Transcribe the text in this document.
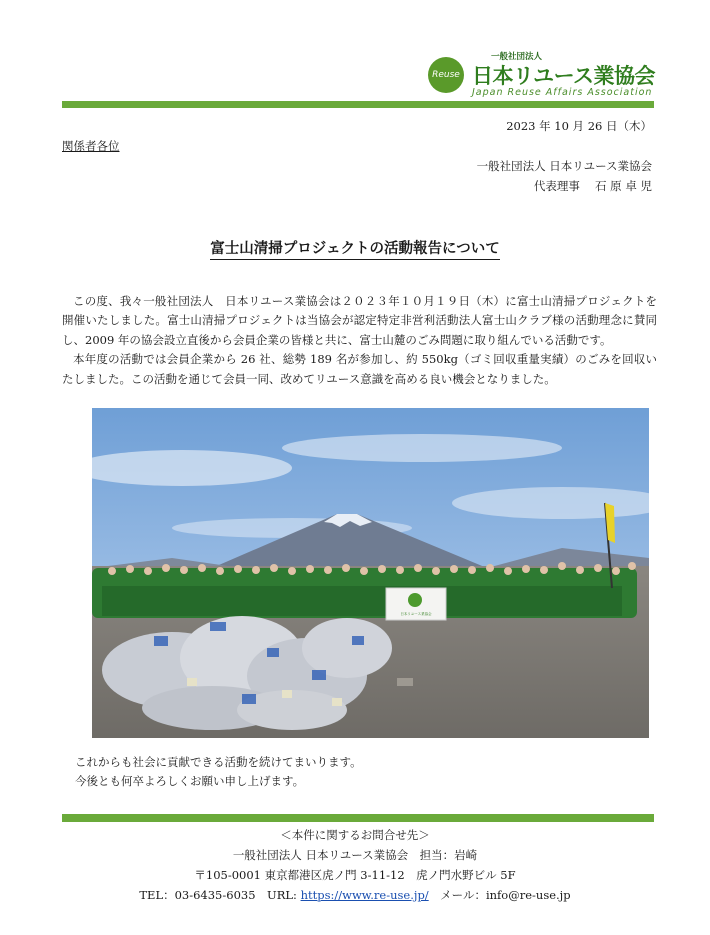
Reuse
一般社団法人
日本リユース業協会
Japan Reuse Affairs Association
2023 年 10 月 26 日（木）
関係者各位
一般社団法人 日本リユース業協会
代表理事　 石 原 卓 児
富士山清掃プロジェクトの活動報告について

この度、我々一般社団法人　日本リユース業協会は２０２３年１０月１９日（木）に富士山清掃プロジェクトを開催いたしました。富士山清掃プロジェクトは当協会が認定特定非営利活動法人富士山クラブ様の活動理念に賛同し、2009 年の協会設立直後から会員企業の皆様と共に、富士山麓のごみ問題に取り組んでいる活動です。

本年度の活動では会員企業から 26 社、総勢 189 名が参加し、約 550kg（ゴミ回収重量実績）のごみを回収いたしました。この活動を通じて会員一同、改めてリユース意識を高める良い機会となりました。

日本リユース業協会
これからも社会に貢献できる活動を続けてまいります。
今後とも何卒よろしくお願い申し上げます。
＜本件に関するお問合せ先＞
一般社団法人 日本リユース業協会　担当：岩崎
〒105-0001 東京都港区虎ノ門 3-11-12　虎ノ門水野ビル 5F
TEL：03-6435-6035　URL: https://www.re-use.jp/　メール：info@re-use.jp
